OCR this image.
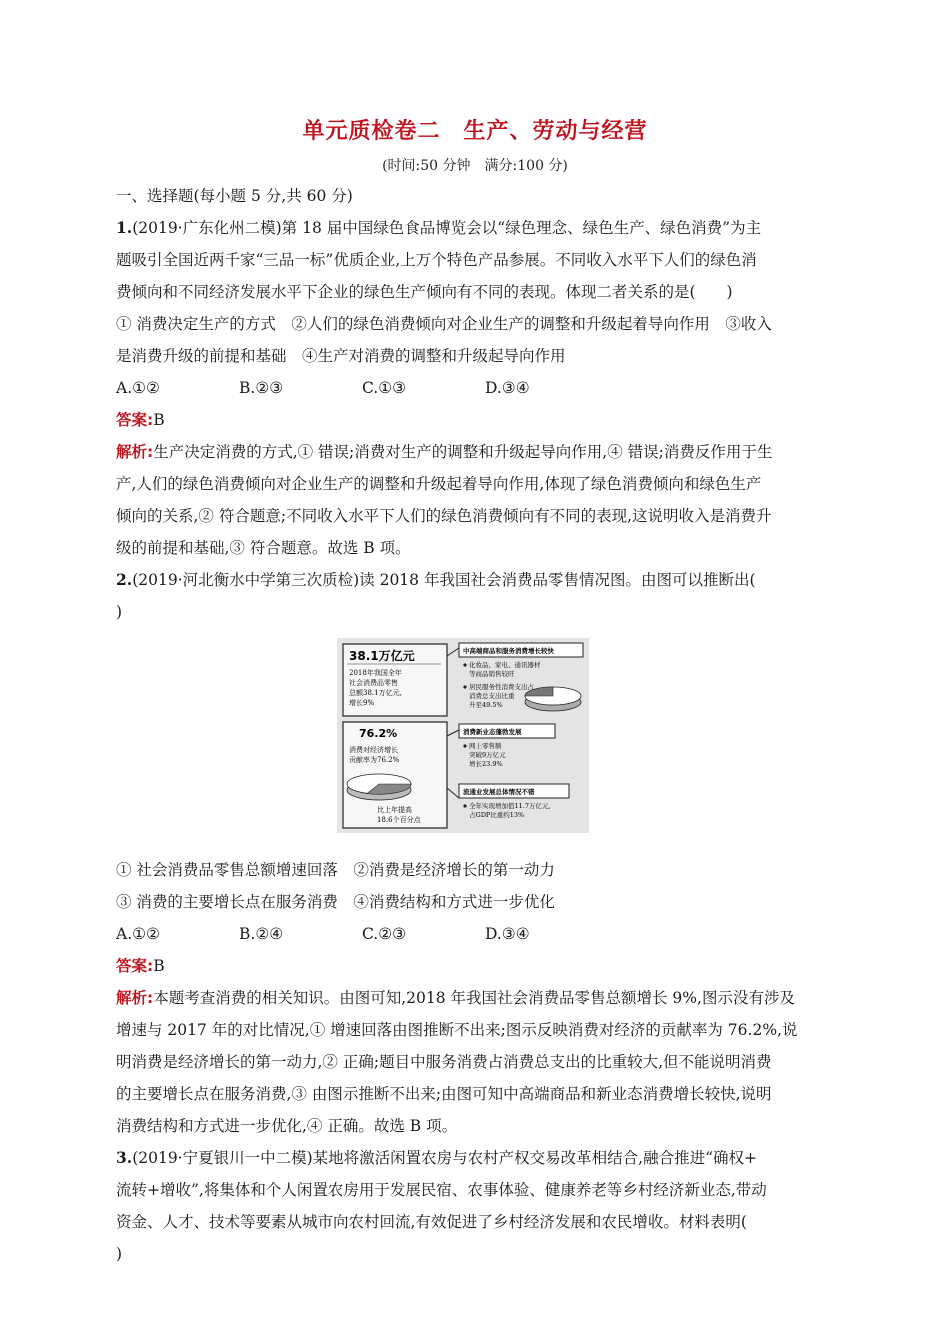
单元质检卷二　生产、劳动与经营
(时间:50 分钟　满分:100 分)

一、选择题(每小题 5 分,共 60 分)

1.(2019·广东化州二模)第 18 届中国绿色食品博览会以“绿色理念、绿色生产、绿色消费”为主

题吸引全国近两千家“三品一标”优质企业,上万个特色产品参展。不同收入水平下人们的绿色消

费倾向和不同经济发展水平下企业的绿色生产倾向有不同的表现。体现二者关系的是(　　)

① 消费决定生产的方式　②人们的绿色消费倾向对企业生产的调整和升级起着导向作用　③收入

是消费升级的前提和基础　④生产对消费的调整和升级起导向作用

A.①②	B.②③	C.①③	D.③④

答案:B

解析:生产决定消费的方式,① 错误;消费对生产的调整和升级起导向作用,④ 错误;消费反作用于生

产,人们的绿色消费倾向对企业生产的调整和升级起着导向作用,体现了绿色消费倾向和绿色生产

倾向的关系,② 符合题意;不同收入水平下人们的绿色消费倾向有不同的表现,这说明收入是消费升

级的前提和基础,③ 符合题意。故选 B 项。

2.(2019·河北衡水中学第三次质检)读 2018 年我国社会消费品零售情况图。由图可以推断出(

)

38.1万亿元
2018年我国全年
社会消费品零售
总额38.1万亿元,
增长9%
76.2%
消费对经济增长
贡献率为76.2%
比上年提高
18.6个百分点
中高端商品和服务消费增长较快
化妆品、家电、通讯器材
等商品销售较旺
居民服务性消费支出占
消费总支出比重
升至49.5%
消费新业态蓬勃发展
网上零售额
突破9万亿元
增长23.9%
流通业发展总体情况不错
全年实现增加值11.7万亿元,
占GDP比重约13%

① 社会消费品零售总额增速回落　②消费是经济增长的第一动力

③ 消费的主要增长点在服务消费　④消费结构和方式进一步优化

A.①②	B.②④	C.②③	D.③④

答案:B

解析:本题考查消费的相关知识。由图可知,2018 年我国社会消费品零售总额增长 9%,图示没有涉及

增速与 2017 年的对比情况,① 增速回落由图推断不出来;图示反映消费对经济的贡献率为 76.2%,说

明消费是经济增长的第一动力,② 正确;题目中服务消费占消费总支出的比重较大,但不能说明消费

的主要增长点在服务消费,③ 由图示推断不出来;由图可知中高端商品和新业态消费增长较快,说明

消费结构和方式进一步优化,④ 正确。故选 B 项。

3.(2019·宁夏银川一中二模)某地将激活闲置农房与农村产权交易改革相结合,融合推进“确权+

流转+增收”,将集体和个人闲置农房用于发展民宿、农事体验、健康养老等乡村经济新业态,带动

资金、人才、技术等要素从城市向农村回流,有效促进了乡村经济发展和农民增收。材料表明(

)
